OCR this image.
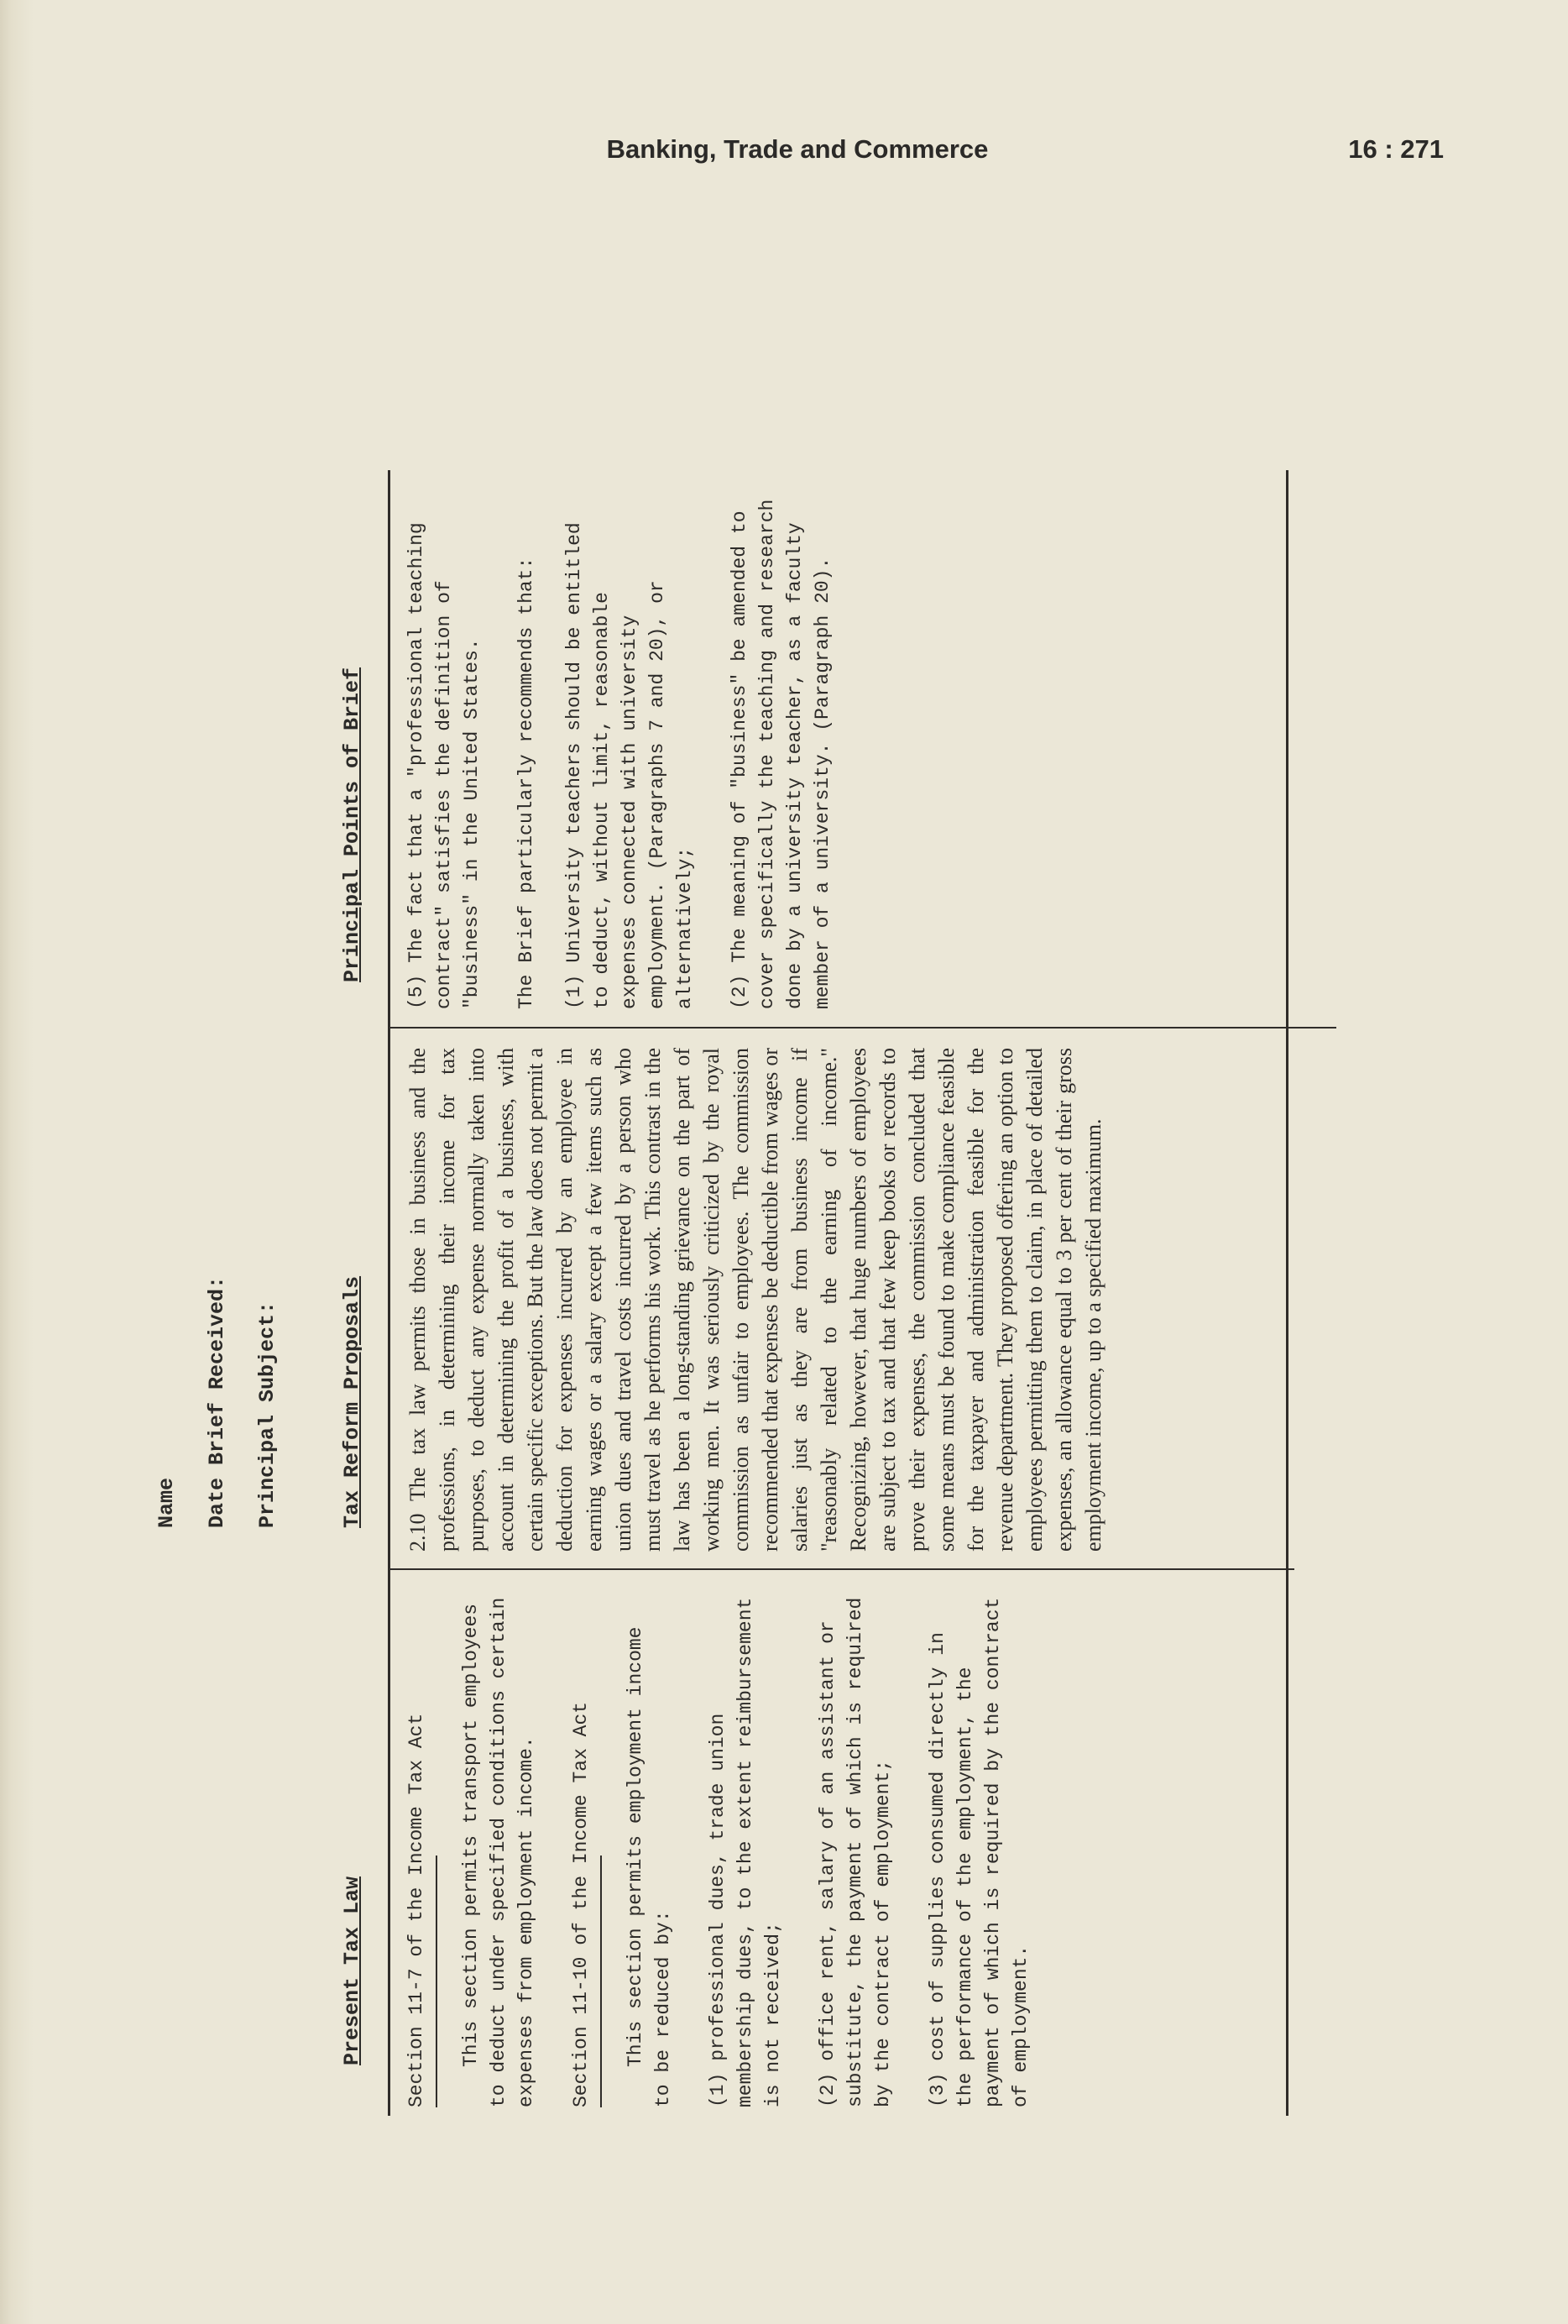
Banking, Trade and Commerce	16 : 271
Name Date Brief Received: Principal Subject:
Present Tax Law
Tax Reform Proposals
Principal Points of Brief
Section 11-7 of the Income Tax Act This section permits transport employees to deduct under specified conditions certain expenses from employment income. Section 11-10 of the Income Tax Act This section permits employment income to be reduced by: (1) professional dues, trade union membership dues, to the extent reimbursement is not received; (2) office rent, salary of an assistant or substitute, the payment of which is required by the contract of employment; (3) cost of supplies consumed directly in the performance of the employment, the payment of which is required by the contract of employment.

2.10 The tax law permits those in business and the professions, in determining their income for tax purposes, to deduct any expense normally taken into account in determining the profit of a business, with certain specific exceptions. But the law does not permit a deduction for expenses incurred by an employee in earning wages or a salary except a few items such as union dues and travel costs incurred by a person who must travel as he performs his work. This contrast in the law has been a long-standing grievance on the part of working men. It was seriously criticized by the royal commission as unfair to employees. The commission recommended that expenses be deductible from wages or salaries just as they are from business income if "reasonably related to the earning of income." Recognizing, however, that huge numbers of employees are subject to tax and that few keep books or records to prove their expenses, the commission concluded that some means must be found to make compliance feasible for the taxpayer and administration feasible for the revenue department. They proposed offering an option to employees permitting them to claim, in place of detailed expenses, an allowance equal to 3 per cent of their gross employment income, up to a specified maximum.

(5) The fact that a "professional teaching contract" satisfies the definition of "business" in the United States. The Brief particularly recommends that: (1) University teachers should be entitled to deduct, without limit, reasonable expenses connected with university employment. (Paragraphs 7 and 20), or alternatively; (2) The meaning of "business" be amended to cover specifically the teaching and research done by a university teacher, as a faculty member of a university. (Paragraph 20).
